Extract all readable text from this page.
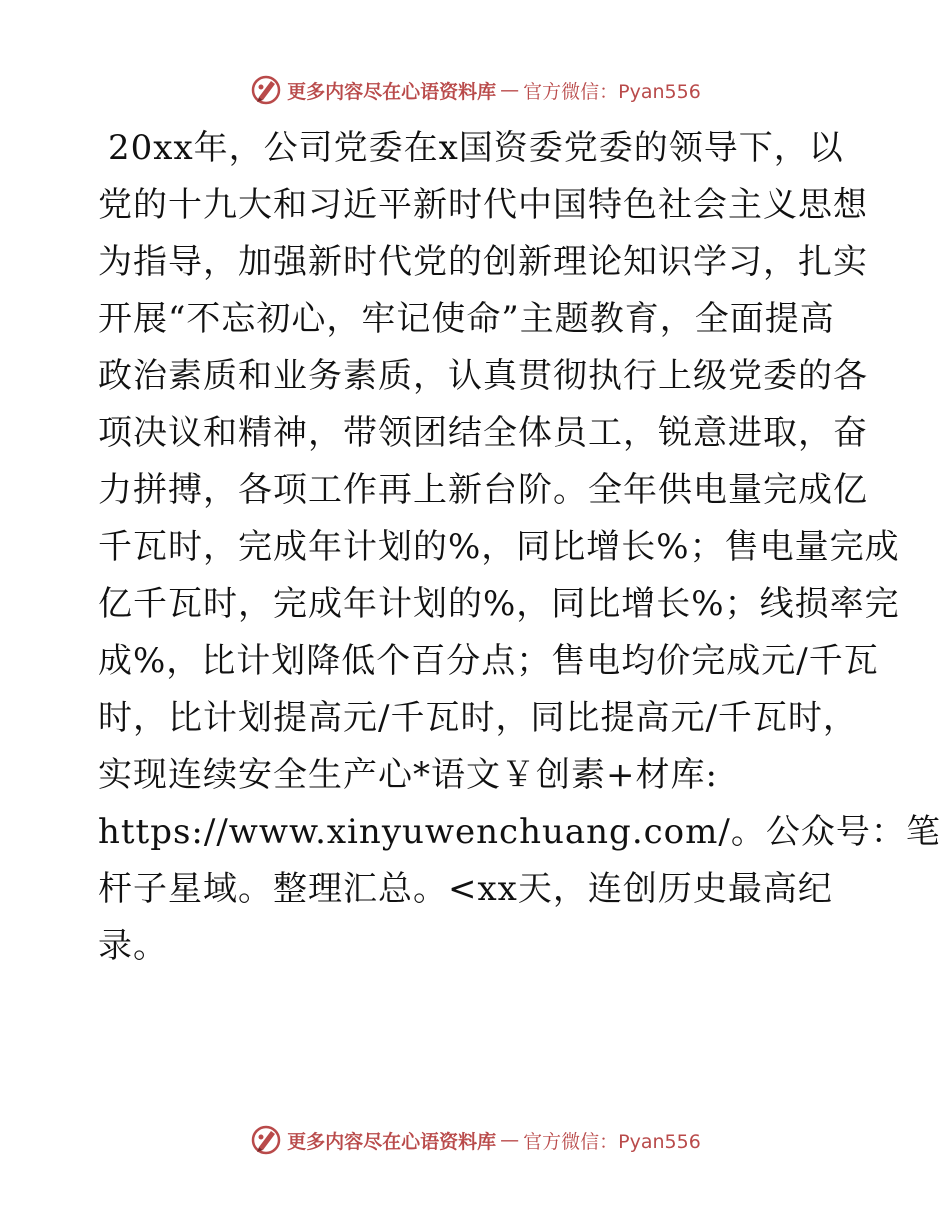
更多内容尽在心语资料库 — 官方微信：Pyan556
20xx年，公司党委在x国资委党委的领导下，以
党的十九大和习近平新时代中国特色社会主义思想
为指导，加强新时代党的创新理论知识学习，扎实
开展“不忘初心，牢记使命”主题教育，全面提高
政治素质和业务素质，认真贯彻执行上级党委的各
项决议和精神，带领团结全体员工，锐意进取，奋
力拼搏，各项工作再上新台阶。全年供电量完成亿
千瓦时，完成年计划的%，同比增长%；售电量完成
亿千瓦时，完成年计划的%，同比增长%；线损率完
成%，比计划降低个百分点；售电均价完成元/千瓦
时，比计划提高元/千瓦时，同比提高元/千瓦时，
实现连续安全生产心*语文￥创素+材库:
https://www.xinyuwenchuang.com/。公众号：笔
杆子星域。整理汇总。<xx天，连创历史最高纪
录。
更多内容尽在心语资料库 — 官方微信：Pyan556
